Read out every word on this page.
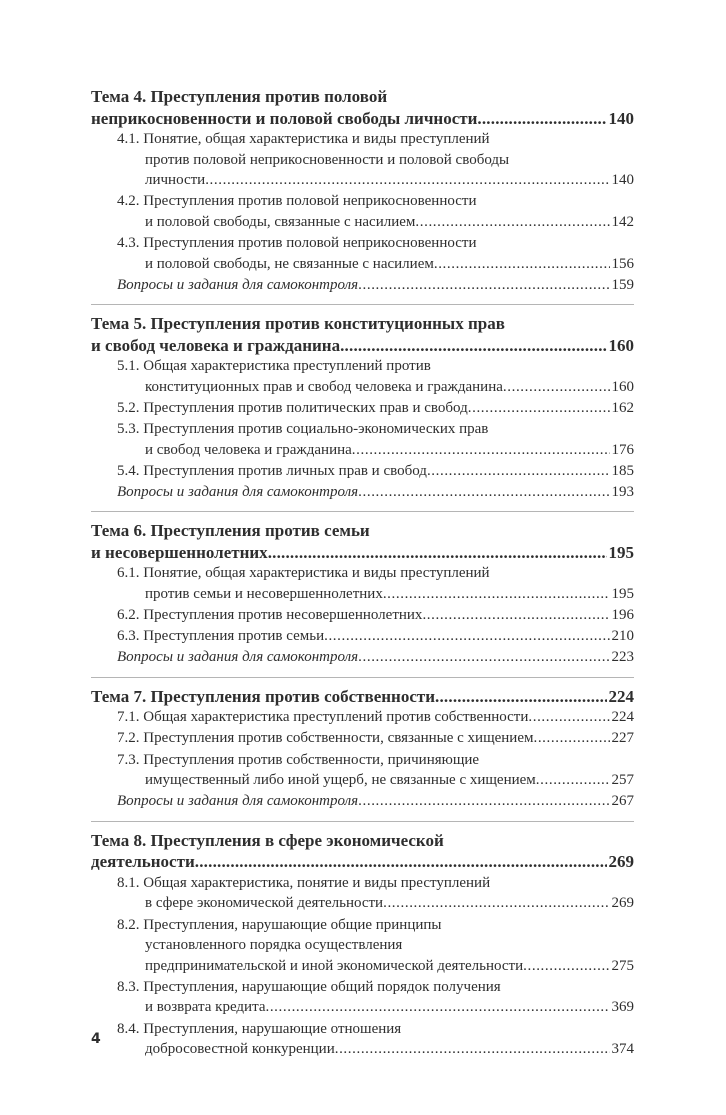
Тема 4. Преступления против половой
неприкосновенности и половой свободы личности .....	140
4.1. Понятие, общая характеристика и виды преступлений
против половой неприкосновенности и половой свободы
личности .....	140
4.2. Преступления против половой неприкосновенности
и половой свободы, связанные с насилием .....	142
4.3. Преступления против половой неприкосновенности
и половой свободы, не связанные с насилием .....	156
Вопросы и задания для самоконтроля .....	159
Тема 5. Преступления против конституционных прав
и свобод человека и гражданина .....	160
5.1. Общая характеристика преступлений против
конституционных прав и свобод человека и гражданина .....	160
5.2. Преступления против политических прав и свобод .....	162
5.3. Преступления против социально-экономических прав
и свобод человека и гражданина .....	176
5.4. Преступления против личных прав и свобод .....	185
Вопросы и задания для самоконтроля .....	193
Тема 6. Преступления против семьи
и несовершеннолетних .....	195
6.1. Понятие, общая характеристика и виды преступлений
против семьи и несовершеннолетних .....	195
6.2. Преступления против несовершеннолетних .....	196
6.3. Преступления против семьи .....	210
Вопросы и задания для самоконтроля .....	223
Тема 7. Преступления против собственности .....	224
7.1. Общая характеристика преступлений против собственности .....	224
7.2. Преступления против собственности, связанные с хищением .....	227
7.3. Преступления против собственности, причиняющие
имущественный либо иной ущерб, не связанные с хищением .....	257
Вопросы и задания для самоконтроля .....	267
Тема 8. Преступления в сфере экономической
деятельности .....	269
8.1. Общая характеристика, понятие и виды преступлений
в сфере экономической деятельности .....	269
8.2. Преступления, нарушающие общие принципы
установленного порядка осуществления
предпринимательской и иной экономической деятельности .....	275
8.3. Преступления, нарушающие общий порядок получения
и возврата кредита .....	369
8.4. Преступления, нарушающие отношения
добросовестной конкуренции .....	374
4
